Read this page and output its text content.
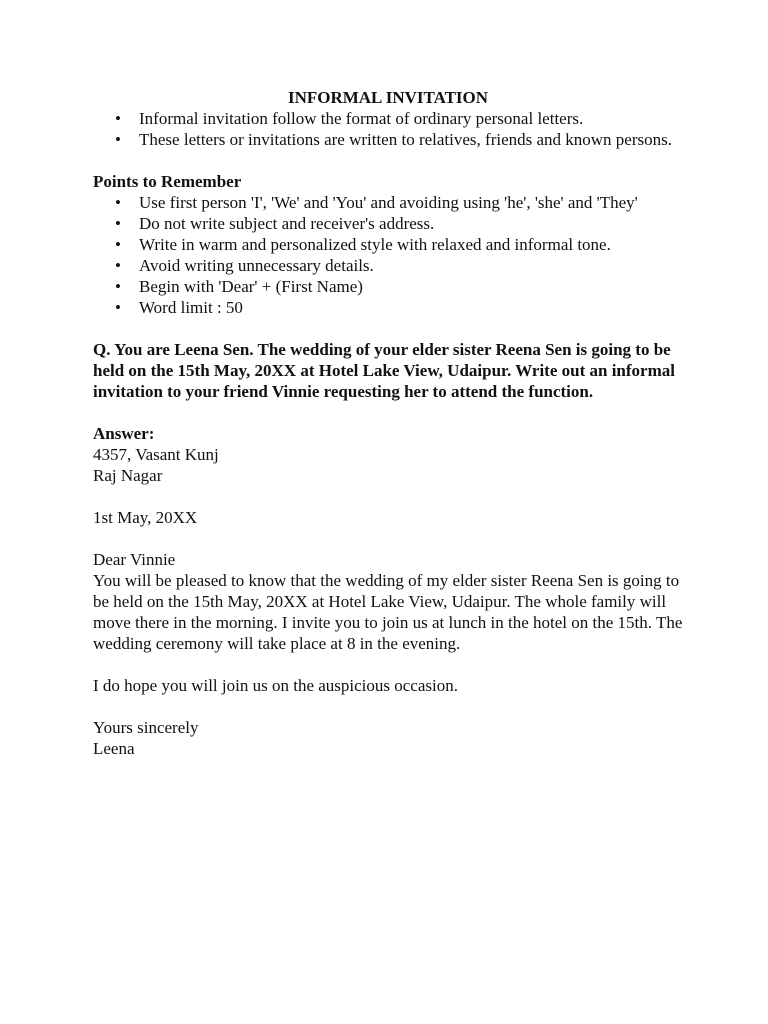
INFORMAL INVITATION

• Informal invitation follow the format of ordinary personal letters.
• These letters or invitations are written to relatives, friends and known persons.

Points to Remember

• Use first person 'I', 'We' and 'You' and avoiding using 'he', 'she' and 'They'
• Do not write subject and receiver's address.
• Write in warm and personalized style with relaxed and informal tone.
• Avoid writing unnecessary details.
• Begin with 'Dear' + (First Name)
• Word limit : 50

Q. You are Leena Sen. The wedding of your elder sister Reena Sen is going to be held on the 15th May, 20XX at Hotel Lake View, Udaipur. Write out an informal invitation to your friend Vinnie requesting her to attend the function.

Answer:

4357, Vasant Kunj

Raj Nagar

1st May, 20XX

Dear Vinnie

You will be pleased to know that the wedding of my elder sister Reena Sen is going to be held on the 15th May, 20XX at Hotel Lake View, Udaipur. The whole family will move there in the morning. I invite you to join us at lunch in the hotel on the 15th. The wedding ceremony will take place at 8 in the evening.

I do hope you will join us on the auspicious occasion.

Yours sincerely

Leena
